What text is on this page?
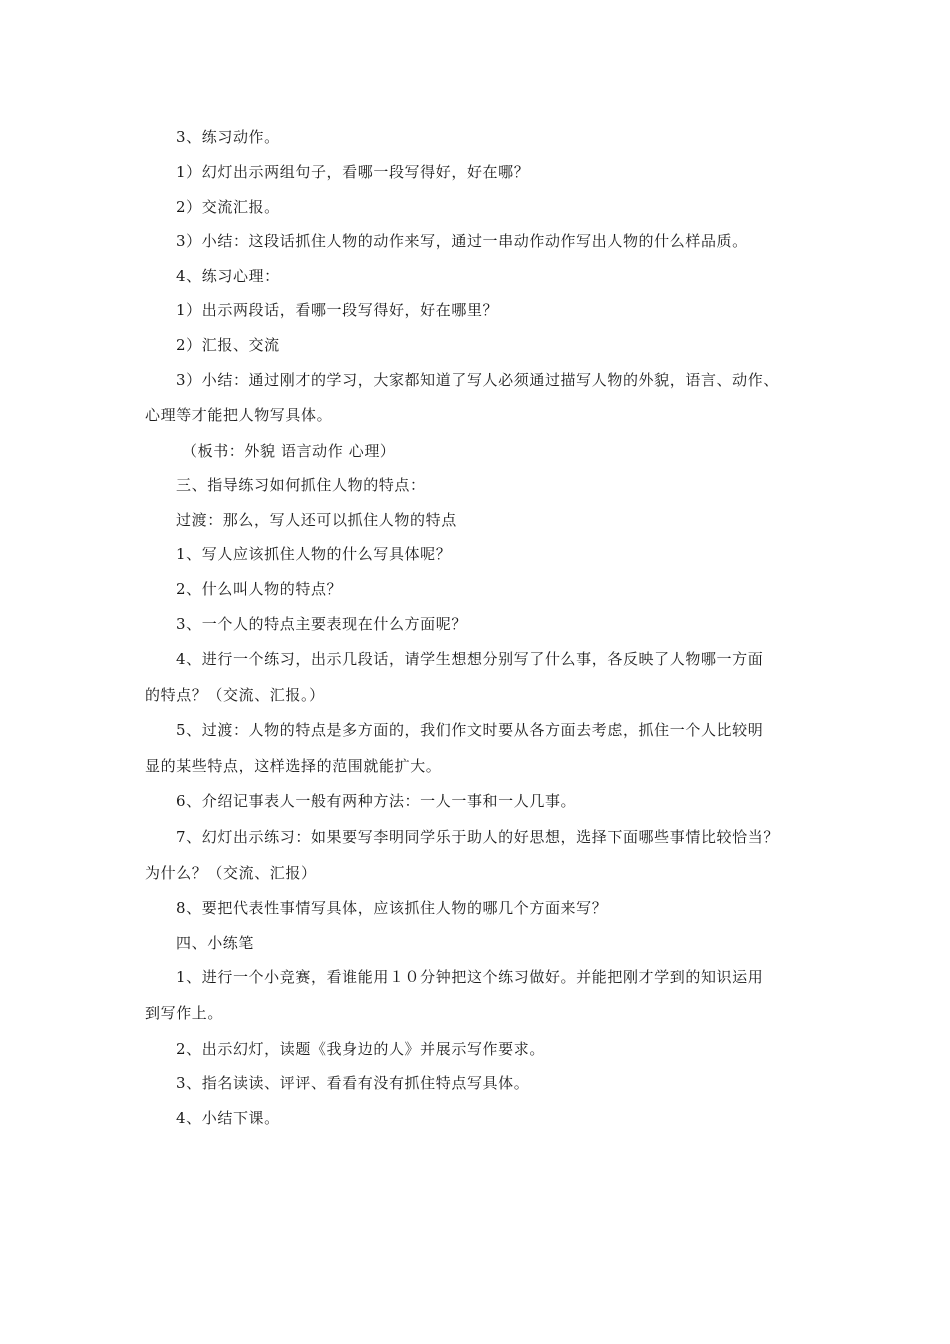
3、练习动作。

1）幻灯出示两组句子，看哪一段写得好，好在哪？

2）交流汇报。

3）小结：这段话抓住人物的动作来写，通过一串动作动作写出人物的什么样品质。

4、练习心理：

1）出示两段话，看哪一段写得好，好在哪里？

2）汇报、交流

3）小结：通过刚才的学习，大家都知道了写人必须通过描写人物的外貌，语言、动作、

心理等才能把人物写具体。

（板书：外貌 语言动作 心理）

三、指导练习如何抓住人物的特点：

过渡：那么，写人还可以抓住人物的特点

1、写人应该抓住人物的什么写具体呢？

2、什么叫人物的特点？

3、一个人的特点主要表现在什么方面呢？

4、进行一个练习，出示几段话，请学生想想分别写了什么事，各反映了人物哪一方面

的特点？（交流、汇报。）

5、过渡：人物的特点是多方面的，我们作文时要从各方面去考虑，抓住一个人比较明

显的某些特点，这样选择的范围就能扩大。

6、介绍记事表人一般有两种方法：一人一事和一人几事。

7、幻灯出示练习：如果要写李明同学乐于助人的好思想，选择下面哪些事情比较恰当？

为什么？（交流、汇报）

8、要把代表性事情写具体，应该抓住人物的哪几个方面来写？

四、小练笔

1、进行一个小竞赛，看谁能用１０分钟把这个练习做好。并能把刚才学到的知识运用

到写作上。

2、出示幻灯，读题《我身边的人》并展示写作要求。

3、指名读读、评评、看看有没有抓住特点写具体。

4、小结下课。
